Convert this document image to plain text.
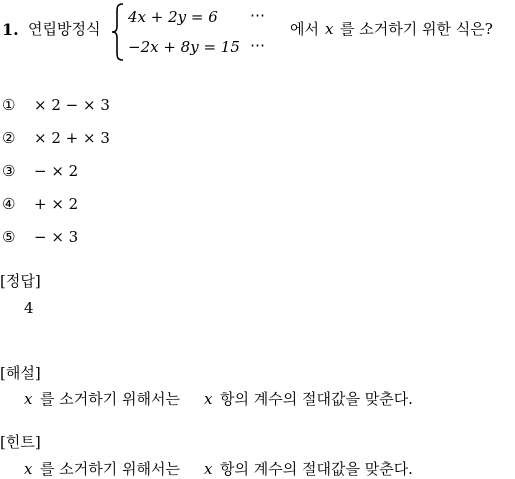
1. 연립방정식
4x + 2y = 6 ⋯
−2x + 8y = 15 ⋯
에서 x 를 소거하기 위한 식은?
① × 2 − × 3
② × 2 + × 3
③ − × 2
④ + × 2
⑤ − × 3
[정답]
4
[해설]
x 를 소거하기 위해서는 x 항의 계수의 절대값을 맞춘다.
[힌트]
x 를 소거하기 위해서는 x 항의 계수의 절대값을 맞춘다.
